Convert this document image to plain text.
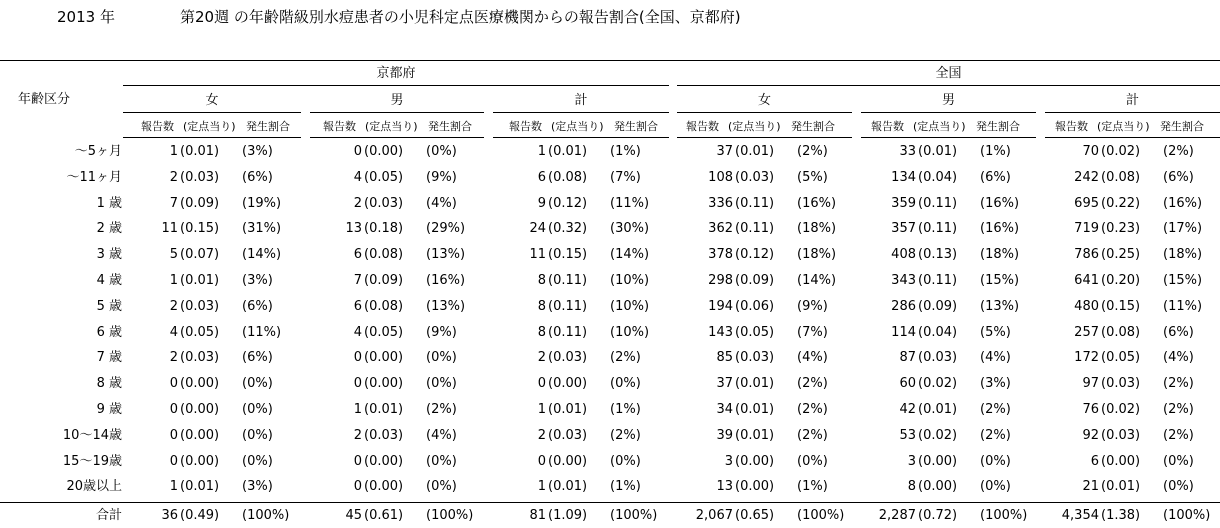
2013 年	第20週 の年齢階級別水痘患者の小児科定点医療機関からの報告割合(全国、京都府)
年齢区分
京都府	全国
女	男	計	女	男	計
報告数 (定点当り) 発生割合	報告数 (定点当り) 発生割合	報告数 (定点当り) 発生割合	報告数 (定点当り) 発生割合	報告数 (定点当り) 発生割合	報告数 (定点当り) 発生割合
～5ヶ月	1 (0.01) (3%)	0 (0.00) (0%)	1 (0.01) (1%)	37 (0.01) (2%)	33 (0.01) (1%)	70 (0.02) (2%)
～11ヶ月	2 (0.03) (6%)	4 (0.05) (9%)	6 (0.08) (7%)	108 (0.03) (5%)	134 (0.04) (6%)	242 (0.08) (6%)
1 歳	7 (0.09) (19%)	2 (0.03) (4%)	9 (0.12) (11%)	336 (0.11) (16%)	359 (0.11) (16%)	695 (0.22) (16%)
2 歳	11 (0.15) (31%)	13 (0.18) (29%)	24 (0.32) (30%)	362 (0.11) (18%)	357 (0.11) (16%)	719 (0.23) (17%)
3 歳	5 (0.07) (14%)	6 (0.08) (13%)	11 (0.15) (14%)	378 (0.12) (18%)	408 (0.13) (18%)	786 (0.25) (18%)
4 歳	1 (0.01) (3%)	7 (0.09) (16%)	8 (0.11) (10%)	298 (0.09) (14%)	343 (0.11) (15%)	641 (0.20) (15%)
5 歳	2 (0.03) (6%)	6 (0.08) (13%)	8 (0.11) (10%)	194 (0.06) (9%)	286 (0.09) (13%)	480 (0.15) (11%)
6 歳	4 (0.05) (11%)	4 (0.05) (9%)	8 (0.11) (10%)	143 (0.05) (7%)	114 (0.04) (5%)	257 (0.08) (6%)
7 歳	2 (0.03) (6%)	0 (0.00) (0%)	2 (0.03) (2%)	85 (0.03) (4%)	87 (0.03) (4%)	172 (0.05) (4%)
8 歳	0 (0.00) (0%)	0 (0.00) (0%)	0 (0.00) (0%)	37 (0.01) (2%)	60 (0.02) (3%)	97 (0.03) (2%)
9 歳	0 (0.00) (0%)	1 (0.01) (2%)	1 (0.01) (1%)	34 (0.01) (2%)	42 (0.01) (2%)	76 (0.02) (2%)
10～14歳	0 (0.00) (0%)	2 (0.03) (4%)	2 (0.03) (2%)	39 (0.01) (2%)	53 (0.02) (2%)	92 (0.03) (2%)
15～19歳	0 (0.00) (0%)	0 (0.00) (0%)	0 (0.00) (0%)	3 (0.00) (0%)	3 (0.00) (0%)	6 (0.00) (0%)
20歳以上	1 (0.01) (3%)	0 (0.00) (0%)	1 (0.01) (1%)	13 (0.00) (1%)	8 (0.00) (0%)	21 (0.01) (0%)
合計	36 (0.49) (100%)	45 (0.61) (100%)	81 (1.09) (100%)	2,067 (0.65) (100%)	2,287 (0.72) (100%)	4,354 (1.38) (100%)
